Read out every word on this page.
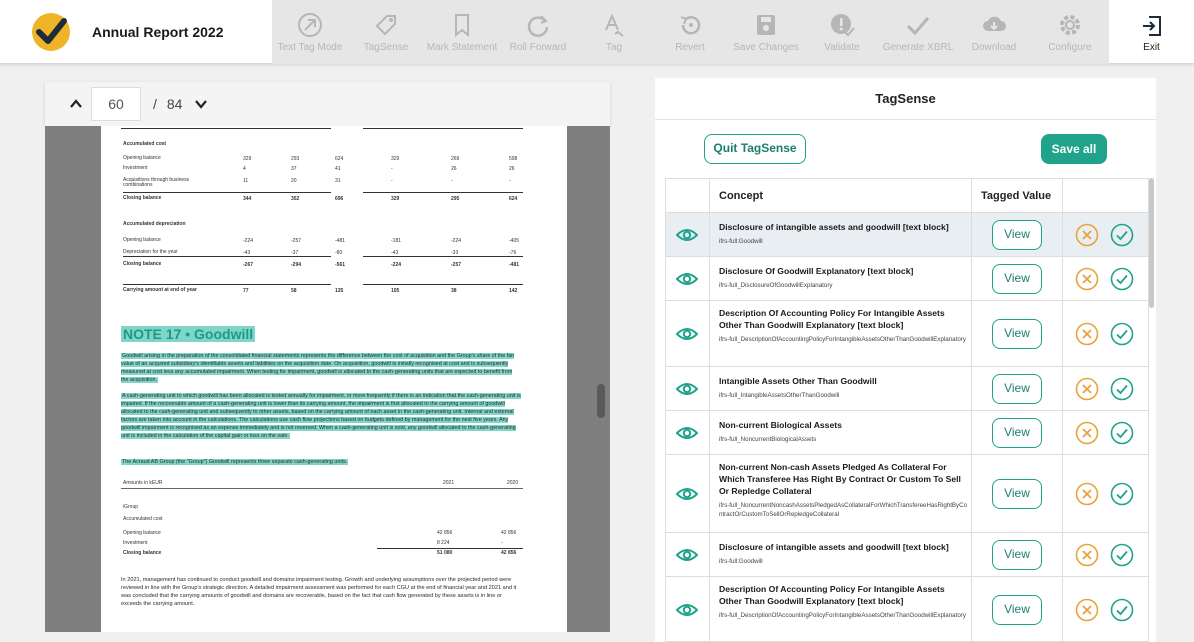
Annual Report 2022
Text Tag Mode TagSense Mark Statement Roll Forward	Tag	Revert	Save Changes	Validate Generate XBRL Download	Configure	Exit
60	/ 84
Accumulated cost
Opening balance	329	293	624	329	269	598
Investment	4	37	41	-	26	26
Acquisitions through business combinations
11	20	31	-	-	-
Closing balance	344	352	696	329	295	624
Accumulated depreciation
Opening balance	-224	-257	-481	-181	-224	-405
Depreciation for the year	-43	-37	-80	-43	-33	-76
Closing balance	-267	-294	-561	-224	-257	-481
Carrying amount at end of year	77	58	135	105	38	142
NOTE 17 • Goodwill
Goodwill arising in the preparation of the consolidated financial statements represents the difference between the cost of acquisition and the Group's share of the fair value of an acquired subsidiary's identifiable assets and liabilities on the acquisition date. On acquisition, goodwill is initially recognised at cost and is subsequently measured at cost less any accumulated impairment. When testing for impairment, goodwill is allocated to the cash-generating units that are expected to benefit from the acquisition.
A cash-generating unit to which goodwill has been allocated is tested annually for impairment, or more frequently if there is an indication that the cash-generating unit is impaired. If the recoverable amount of a cash-generating unit is lower than its carrying amount, the impairment is first allocated to the carrying amount of goodwill allocated to the cash-generating unit and subsequently to other assets, based on the carrying amount of each asset in the cash-generating unit. Internal and external factors are taken into account in the calculations. The calculations use cash flow projections based on budgets defined by management for the next five years. Any goodwill impairment is recognised as an expense immediately and is not reversed. When a cash-generating unit is sold, any goodwill allocated to the cash-generating unit is included in the calculation of the capital gain or loss on the sale.
The Acraud AB Group (the "Group") Goodwill represents three separate cash-generating units.
Amounts in kEUR	2021	2020
iGroup
Accumulated cost
Opening balance	42 856	42 856
Investment	8 224	-
Closing balance	51 080	42 856
In 2021, management has continued to conduct goodwill and domains impairment testing. Growth and underlying assumptions over the projected period were reviewed in line with the Group's strategic direction. A detailed impairment assessment was performed for each CGU at the end of financial year and 2021 and it was concluded that the carrying amounts of goodwill and domains are recoverable, based on the fact that cash flow generated by these assets is in line or exceeds the carrying amount.
TagSense
Quit TagSense	Save all
Concept	Tagged Value
Disclosure of intangible assets and goodwill [text block]
ifrs-full:Goodwill
View
Disclosure Of Goodwill Explanatory [text block]
ifrs-full_DisclosureOfGoodwillExplanatory
View
Description Of Accounting Policy For Intangible Assets Other Than Goodwill Explanatory [text block]
ifrs-full_DescriptionOfAccountingPolicyForIntangibleAssetsOtherThanGoodwillExplanatory	View
Intangible Assets Other Than Goodwill
ifrs-full_IntangibleAssetsOtherThanGoodwill
View
Non-current Biological Assets
ifrs-full_NoncurrentBiologicalAssets
View
Non-current Non-cash Assets Pledged As Collateral For Which Transferee Has Right By Contract Or Custom To Sell Or Repledge Collateral
ifrs-full_NoncurrentNoncashAssetsPledgedAsCollateralForWhichTransfereeHasRightByContractOrCustomToSellOrRepledgeCollateral
View
Disclosure of intangible assets and goodwill [text block]
ifrs-full:Goodwill
View
Description Of Accounting Policy For Intangible Assets Other Than Goodwill Explanatory [text block]
ifrs-full_DescriptionOfAccountingPolicyForIntangibleAssetsOtherThanGoodwillExplanatory	View
